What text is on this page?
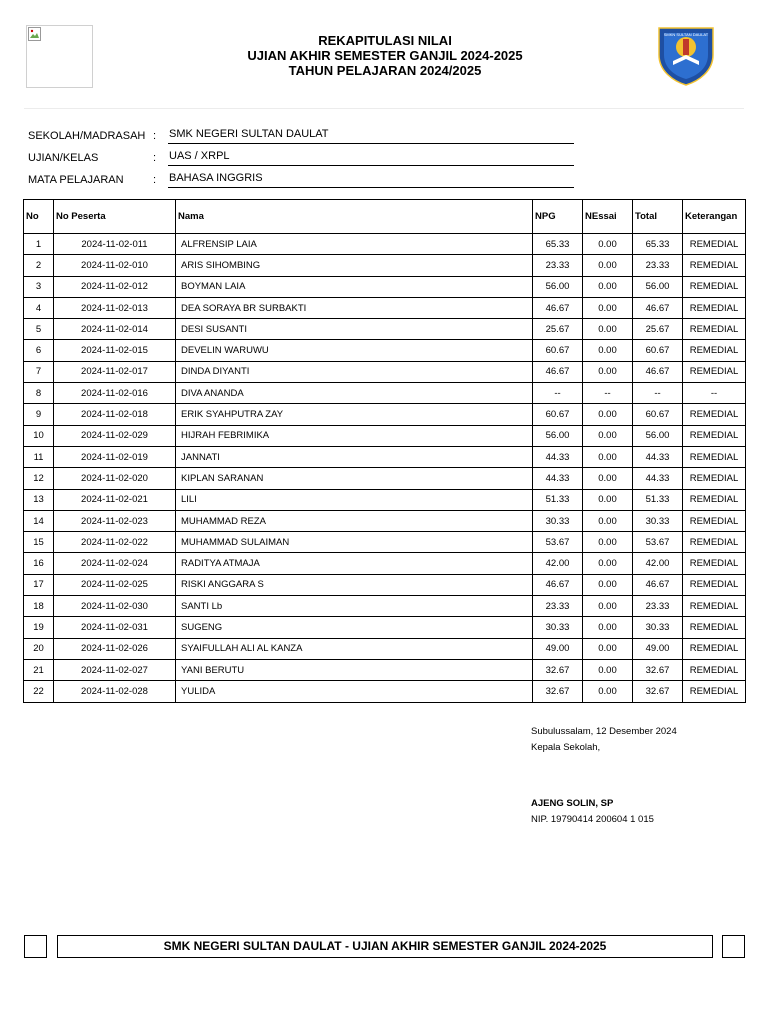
REKAPITULASI NILAI
UJIAN AKHIR SEMESTER GANJIL 2024-2025
TAHUN PELAJARAN 2024/2025
SMKN SULTAN DAULAT
SEKOLAH/MADRASAH : SMK NEGERI SULTAN DAULAT
UJIAN/KELAS	: UAS / XRPL
MATA PELAJARAN	: BAHASA INGGRIS
No	No Peserta	Nama	NPG	NEssai	Total	Keterangan
1	2024-11-02-011	ALFRENSIP LAIA	65.33	0.00	65.33	REMEDIAL
2	2024-11-02-010	ARIS SIHOMBING	23.33	0.00	23.33	REMEDIAL
3	2024-11-02-012	BOYMAN LAIA	56.00	0.00	56.00	REMEDIAL
4	2024-11-02-013	DEA SORAYA BR SURBAKTI	46.67	0.00	46.67	REMEDIAL
5	2024-11-02-014	DESI SUSANTI	25.67	0.00	25.67	REMEDIAL
6	2024-11-02-015	DEVELIN WARUWU	60.67	0.00	60.67	REMEDIAL
7	2024-11-02-017	DINDA DIYANTI	46.67	0.00	46.67	REMEDIAL
8	2024-11-02-016	DIVA ANANDA	--	--	--	--
9	2024-11-02-018	ERIK SYAHPUTRA ZAY	60.67	0.00	60.67	REMEDIAL
10	2024-11-02-029	HIJRAH FEBRIMIKA	56.00	0.00	56.00	REMEDIAL
11	2024-11-02-019	JANNATI	44.33	0.00	44.33	REMEDIAL
12	2024-11-02-020	KIPLAN SARANAN	44.33	0.00	44.33	REMEDIAL
13	2024-11-02-021	LILI	51.33	0.00	51.33	REMEDIAL
14	2024-11-02-023	MUHAMMAD REZA	30.33	0.00	30.33	REMEDIAL
15	2024-11-02-022	MUHAMMAD SULAIMAN	53.67	0.00	53.67	REMEDIAL
16	2024-11-02-024	RADITYA ATMAJA	42.00	0.00	42.00	REMEDIAL
17	2024-11-02-025	RISKI ANGGARA S	46.67	0.00	46.67	REMEDIAL
18	2024-11-02-030	SANTI Lb	23.33	0.00	23.33	REMEDIAL
19	2024-11-02-031	SUGENG	30.33	0.00	30.33	REMEDIAL
20	2024-11-02-026	SYAIFULLAH ALI AL KANZA	49.00	0.00	49.00	REMEDIAL
21	2024-11-02-027	YANI BERUTU	32.67	0.00	32.67	REMEDIAL
22	2024-11-02-028	YULIDA	32.67	0.00	32.67	REMEDIAL
Subulussalam, 12 Desember 2024
Kepala Sekolah,
AJENG SOLIN, SP
NIP. 19790414 200604 1 015
SMK NEGERI SULTAN DAULAT - UJIAN AKHIR SEMESTER GANJIL 2024-2025
